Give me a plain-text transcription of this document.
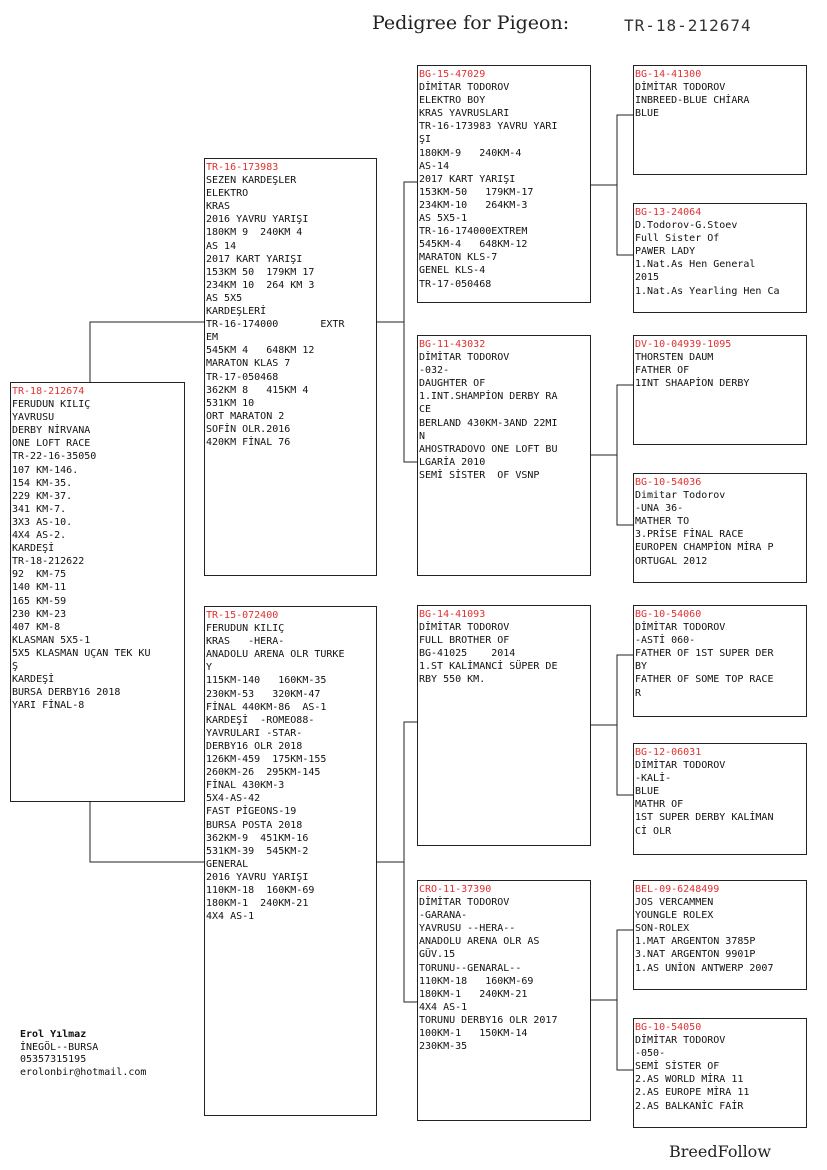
Pedigree for Pigeon:	TR-18-212674
TR-18-212674
FERUDUN KILIÇ
YAVRUSU
DERBY NİRVANA
ONE LOFT RACE
TR-22-16-35050
107 KM-146.
154 KM-35.
229 KM-37.
341 KM-7.
3X3 AS-10.
4X4 AS-2.
KARDEŞİ
TR-18-212622
92  KM-75
140 KM-11
165 KM-59
230 KM-23
407 KM-8
KLASMAN 5X5-1
5X5 KLASMAN UÇAN TEK KU
Ş
KARDEŞİ
BURSA DERBY16 2018
YARI FİNAL-8
TR-16-173983
SEZEN KARDEŞLER
ELEKTRO
KRAS
2016 YAVRU YARIŞI
180KM 9  240KM 4
AS 14
2017 KART YARIŞI
153KM 50  179KM 17
234KM 10  264 KM 3
AS 5X5
KARDEŞLERİ
TR-16-174000       EXTR
EM
545KM 4   648KM 12
MARATON KLAS 7
TR-17-050468
362KM 8   415KM 4
531KM 10
ORT MARATON 2
SOFİN OLR.2016
420KM FİNAL 76
TR-15-072400
FERUDUN KILIÇ
KRAS   -HERA-
ANADOLU ARENA OLR TURKE
Y
115KM-140   160KM-35
230KM-53   320KM-47
FİNAL 440KM-86  AS-1
KARDEŞİ  -ROMEO88-
YAVRULARI -STAR-
DERBY16 OLR 2018
126KM-459  175KM-155
260KM-26  295KM-145
FİNAL 430KM-3
5X4-AS-42
FAST PİGEONS-19
BURSA POSTA 2018
362KM-9  451KM-16
531KM-39  545KM-2
GENERAL
2016 YAVRU YARIŞI
110KM-18  160KM-69
180KM-1  240KM-21
4X4 AS-1
BG-15-47029
DİMİTAR TODOROV
ELEKTRO BOY
KRAS YAVRUSLARI
TR-16-173983 YAVRU YARI
ŞI
180KM-9   240KM-4
AS-14
2017 KART YARIŞI
153KM-50   179KM-17
234KM-10   264KM-3
AS 5X5-1
TR-16-174000EXTREM
545KM-4   648KM-12
MARATON KLS-7
GENEL KLS-4
TR-17-050468
BG-11-43032
DİMİTAR TODOROV
-032-
DAUGHTER OF
1.INT.SHAMPİON DERBY RA
CE
BERLAND 430KM-3AND 22MI
N
AHOSTRADOVO ONE LOFT BU
LGARİA 2010
SEMİ SİSTER  OF VSNP
BG-14-41093
DİMİTAR TODOROV
FULL BROTHER OF
BG-41025    2014
1.ST KALİMANCİ SÜPER DE
RBY 550 KM.
CRO-11-37390
DİMİTAR TODOROV
-GARANA-
YAVRUSU --HERA--
ANADOLU ARENA OLR AS
GÜV.15
TORUNU--GENARAL--
110KM-18   160KM-69
180KM-1   240KM-21
4X4 AS-1
TORUNU DERBY16 OLR 2017
100KM-1   150KM-14
230KM-35
BG-14-41300
DİMİTAR TODOROV
INBREED-BLUE CHİARA
BLUE
BG-13-24064
D.Todorov-G.Stoev
Full Sister Of
PAWER LADY
1.Nat.As Hen General
2015
1.Nat.As Yearling Hen Ca
DV-10-04939-1095
THORSTEN DAUM
FATHER OF
1INT SHAAPİON DERBY
BG-10-54036
Dimitar Todorov
-UNA 36-
MATHER TO
3.PRİSE FİNAL RACE
EUROPEN CHAMPİON MİRA P
ORTUGAL 2012
BG-10-54060
DİMİTAR TODOROV
-ASTİ 060-
FATHER OF 1ST SUPER DER
BY
FATHER OF SOME TOP RACE
R
BG-12-06031
DİMİTAR TODOROV
-KALİ-
BLUE
MATHR OF
1ST SUPER DERBY KALİMAN
Cİ OLR
BEL-09-6248499
JOS VERCAMMEN
YOUNGLE ROLEX
SON-ROLEX
1.MAT ARGENTON 3785P
3.NAT ARGENTON 9901P
1.AS UNİON ANTWERP 2007
BG-10-54050
DİMİTAR TODOROV
-050-
SEMİ SİSTER OF
2.AS WORLD MİRA 11
2.AS EUROPE MİRA 11
2.AS BALKANİC FAİR
Erol Yılmaz
İNEGÖL--BURSA
05357315195
erolonbir@hotmail.com
BreedFollow
